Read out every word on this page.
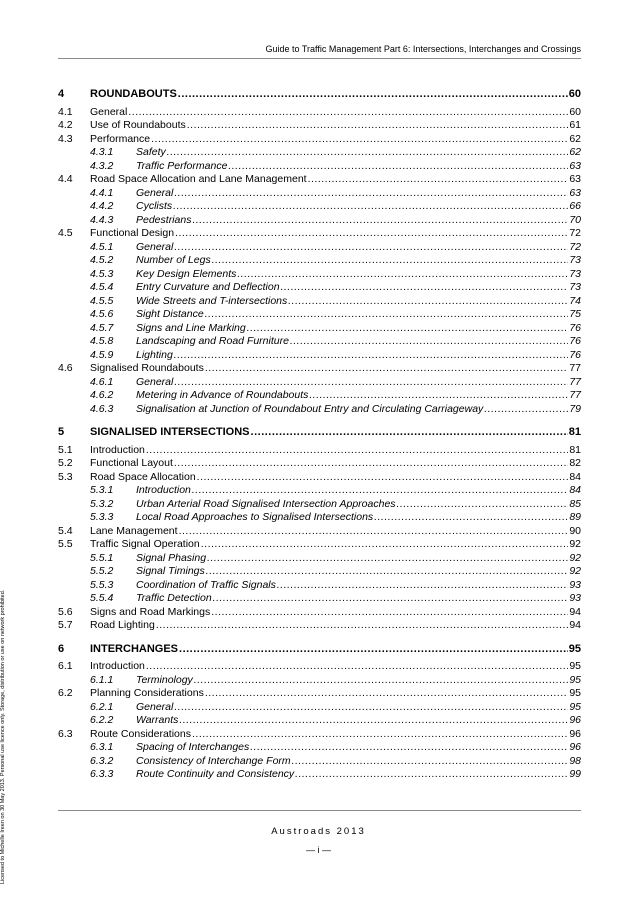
Guide to Traffic Management Part 6: Intersections, Interchanges and Crossings
4	ROUNDABOUTS .....	60
4.1	General .....	60
4.2	Use of Roundabouts .....	61
4.3	Performance .....	62
4.3.1	Safety .....	62
4.3.2	Traffic Performance .....	63
4.4	Road Space Allocation and Lane Management .....	63
4.4.1	General .....	63
4.4.2	Cyclists .....	66
4.4.3	Pedestrians .....	70
4.5	Functional Design .....	72
4.5.1	General .....	72
4.5.2	Number of Legs .....	73
4.5.3	Key Design Elements .....	73
4.5.4	Entry Curvature and Deflection .....	73
4.5.5	Wide Streets and T-intersections .....	74
4.5.6	Sight Distance .....	75
4.5.7	Signs and Line Marking .....	76
4.5.8	Landscaping and Road Furniture .....	76
4.5.9	Lighting .....	76
4.6	Signalised Roundabouts .....	77
4.6.1	General .....	77
4.6.2	Metering in Advance of Roundabouts .....	77
4.6.3	Signalisation at Junction of Roundabout Entry and Circulating Carriageway .....	79
5	SIGNALISED INTERSECTIONS .....	81
5.1	Introduction .....	81
5.2	Functional Layout .....	82
5.3	Road Space Allocation .....	84
5.3.1	Introduction .....	84
5.3.2	Urban Arterial Road Signalised Intersection Approaches .....	85
5.3.3	Local Road Approaches to Signalised Intersections .....	89
5.4	Lane Management .....	90
5.5	Traffic Signal Operation .....	92
5.5.1	Signal Phasing .....	92
5.5.2	Signal Timings .....	92
5.5.3	Coordination of Traffic Signals .....	93
5.5.4	Traffic Detection .....	93
5.6	Signs and Road Markings .....	94
5.7	Road Lighting .....	94
6	INTERCHANGES .....	95
6.1	Introduction .....	95
6.1.1	Terminology .....	95
6.2	Planning Considerations .....	95
6.2.1	General .....	95
6.2.2	Warrants .....	96
6.3	Route Considerations .....	96
6.3.1	Spacing of Interchanges .....	96
6.3.2	Consistency of Interchange Form .....	98
6.3.3	Route Continuity and Consistency .....	99
Austroads 2013
— i —
Licensed to Michelle Ireen on 30 May 2013. Personal use licence only. Storage, distribution or use on network prohibited.
